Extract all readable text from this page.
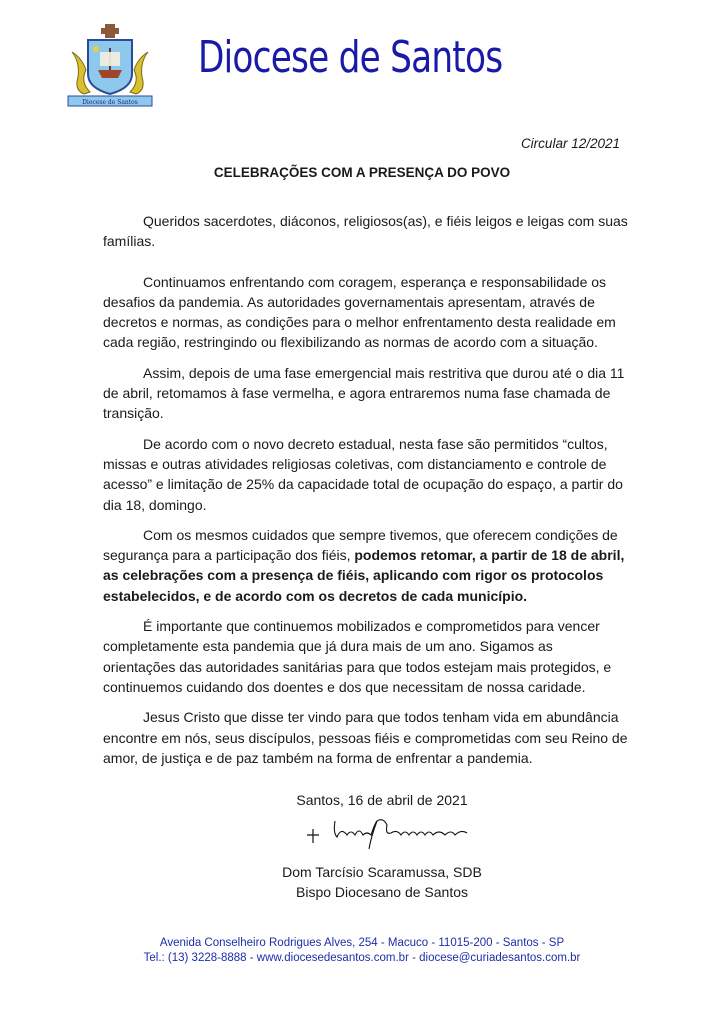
Diocese de Santos
Diocese de Santos
Circular 12/2021
CELEBRAÇÕES COM A PRESENÇA DO POVO

Queridos sacerdotes, diáconos, religiosos(as), e fiéis leigos e leigas com suas famílias.

Continuamos enfrentando com coragem, esperança e responsabilidade os desafios da pandemia. As autoridades governamentais apresentam, através de decretos e normas, as condições para o melhor enfrentamento desta realidade em cada região, restringindo ou flexibilizando as normas de acordo com a situação.

Assim, depois de uma fase emergencial mais restritiva que durou até o dia 11 de abril, retomamos à fase vermelha, e agora entraremos numa fase chamada de transição.

De acordo com o novo decreto estadual, nesta fase são permitidos “cultos, missas e outras atividades religiosas coletivas, com distanciamento e controle de acesso” e limitação de 25% da capacidade total de ocupação do espaço, a partir do dia 18, domingo.

Com os mesmos cuidados que sempre tivemos, que oferecem condições de segurança para a participação dos fiéis, podemos retomar, a partir de 18 de abril, as celebrações com a presença de fiéis, aplicando com rigor os protocolos estabelecidos, e de acordo com os decretos de cada município.

É importante que continuemos mobilizados e comprometidos para vencer completamente esta pandemia que já dura mais de um ano. Sigamos as orientações das autoridades sanitárias para que todos estejam mais protegidos, e continuemos cuidando dos doentes e dos que necessitam de nossa caridade.

Jesus Cristo que disse ter vindo para que todos tenham vida em abundância encontre em nós, seus discípulos, pessoas fiéis e comprometidas com seu Reino de amor, de justiça e de paz também na forma de enfrentar a pandemia.

Santos, 16 de abril de 2021
Dom Tarcísio Scaramussa, SDB
Bispo Diocesano de Santos
Avenida Conselheiro Rodrigues Alves, 254 - Macuco - 11015-200 - Santos - SP
Tel.: (13) 3228-8888 - www.diocesedesantos.com.br - diocese@curiadesantos.com.br
